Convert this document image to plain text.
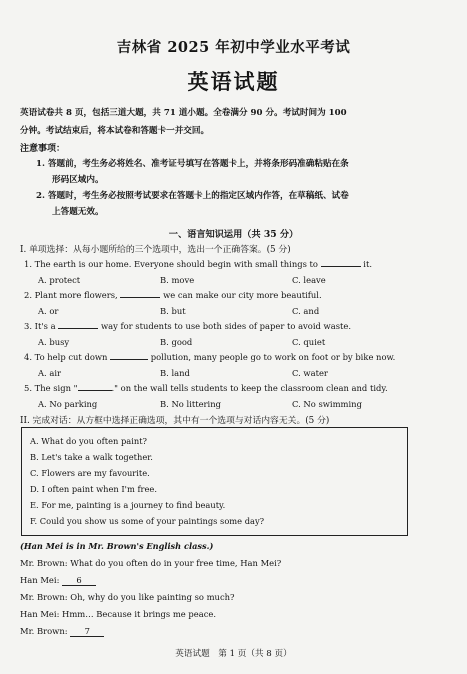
吉林省 2025 年初中学业水平考试
英语试题
英语试卷共 8 页，包括三道大题，共 71 道小题。全卷满分 90 分。考试时间为 100
分钟。考试结束后，将本试卷和答题卡一并交回。
注意事项：
1. 答题前，考生务必将姓名、准考证号填写在答题卡上，并将条形码准确粘贴在条
形码区域内。
2. 答题时，考生务必按照考试要求在答题卡上的指定区域内作答，在草稿纸、试卷
上答题无效。
一、语言知识运用（共 35 分）
I. 单项选择：从每小题所给的三个选项中，选出一个正确答案。(5 分)
1. The earth is our home. Everyone should begin with small things to	it.
A. protect	B. move	C. leave
2. Plant more flowers,	we can make our city more beautiful.
A. or	B. but	C. and
3. It's a	way for students to use both sides of paper to avoid waste.
A. busy	B. good	C. quiet
4. To help cut down	pollution, many people go to work on foot or by bike now.
A. air	B. land	C. water
5. The sign "	." on the wall tells students to keep the classroom clean and tidy.
A. No parking	B. No littering	C. No swimming
II. 完成对话：从方框中选择正确选项，其中有一个选项与对话内容无关。(5 分)
A. What do you often paint?
B. Let's take a walk together.
C. Flowers are my favourite.
D. I often paint when I'm free.
E. For me, painting is a journey to find beauty.
F. Could you show us some of your paintings some day?
(Han Mei is in Mr. Brown's English class.)
Mr. Brown: What do you often do in your free time, Han Mei?
Han Mei: 6
Mr. Brown: Oh, why do you like painting so much?
Han Mei: Hmm… Because it brings me peace.
Mr. Brown: 7
英语试题　第 1 页（共 8 页）
